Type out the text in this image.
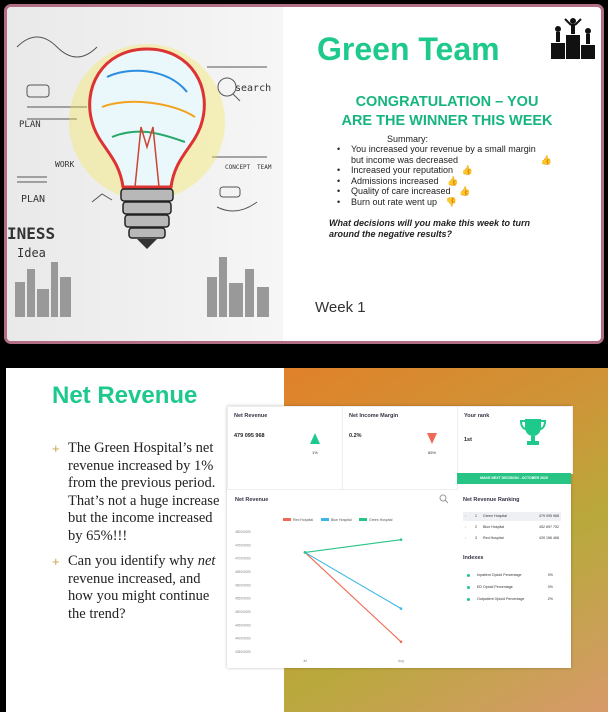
search
PLAN
WORK
PLAN
INESS
Idea
CONCEPT TEAM
Green Team
CONGRATULATION – YOU
ARE THE WINNER THIS WEEK
Summary:
• You increased your revenue by a small margin
but income was decreased	👍
• Increased your reputation 👍
• Admissions increased 👍
• Quality of care increased 👍
• Burn out rate went up 👎
What decisions will you make this week to turn
around the negative results?
Week 1
Net Revenue
+ The Green Hospital’s net revenue increased by 1% from the previous period. That’s not a huge increase but the income increased by 65%!!!
+ Can you identify why net revenue increased, and how you might continue the trend?
Net Revenue
479 095 968
1%
Net Income Margin
0.2%
65%
Your rank
1st
MAKE NEXT DECISION - OCTOBER 2020
Net Revenue
Red Hospital	Blue Hospital	Green Hospital
480000000
476000000
470000000
465000000
460000000
455000000
450000000
445000000
440000000
435000000
Jul	Aug
Net Revenue Ranking
↑ 1 Green Hospital	479 095 968
↓ 2 Blue Hospital	452 697 752
↓ 3 Red Hospital	439 156 468
Indexes
Inpatient Opioid Percentage	0%
ED Opioid Percentage	0%
Outpatient Opioid Percentage	2%
